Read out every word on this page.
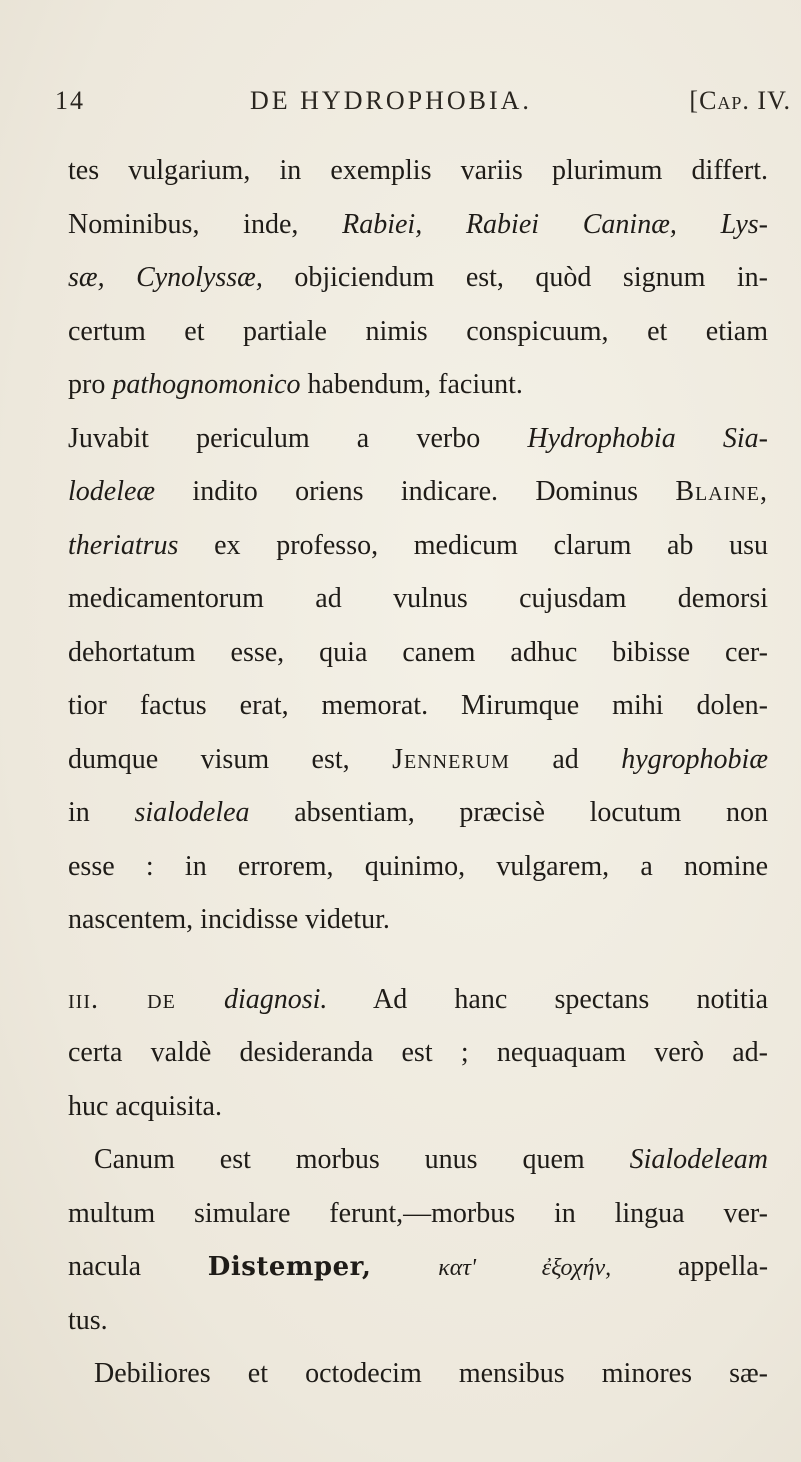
14	DE HYDROPHOBIA.	[Cap. IV.
tes vulgarium, in exemplis variis plurimum differt.
Nominibus, inde, Rabiei, Rabiei Caninæ, Lys-
sæ, Cynolyssæ, objiciendum est, quòd signum in-
certum et partiale nimis conspicuum, et etiam
pro pathognomonico habendum, faciunt.
Juvabit periculum a verbo Hydrophobia Sia-
lodeleæ indito oriens indicare. Dominus Blaine,
theriatrus ex professo, medicum clarum ab usu
medicamentorum ad vulnus cujusdam demorsi
dehortatum esse, quia canem adhuc bibisse cer-
tior factus erat, memorat. Mirumque mihi dolen-
dumque visum est, Jennerum ad hygrophobiæ
in sialodelea absentiam, præcisè locutum non
esse : in errorem, quinimo, vulgarem, a nomine
nascentem, incidisse videtur.
iii. de diagnosi. Ad hanc spectans notitia
certa valdè desideranda est ; nequaquam verò ad-
huc acquisita.
Canum est morbus unus quem Sialodeleam
multum simulare ferunt,—morbus in lingua ver-
nacula Distemper,	κατ' ἐξοχήν, appella-
tus.
Debiliores et octodecim mensibus minores sæ-
